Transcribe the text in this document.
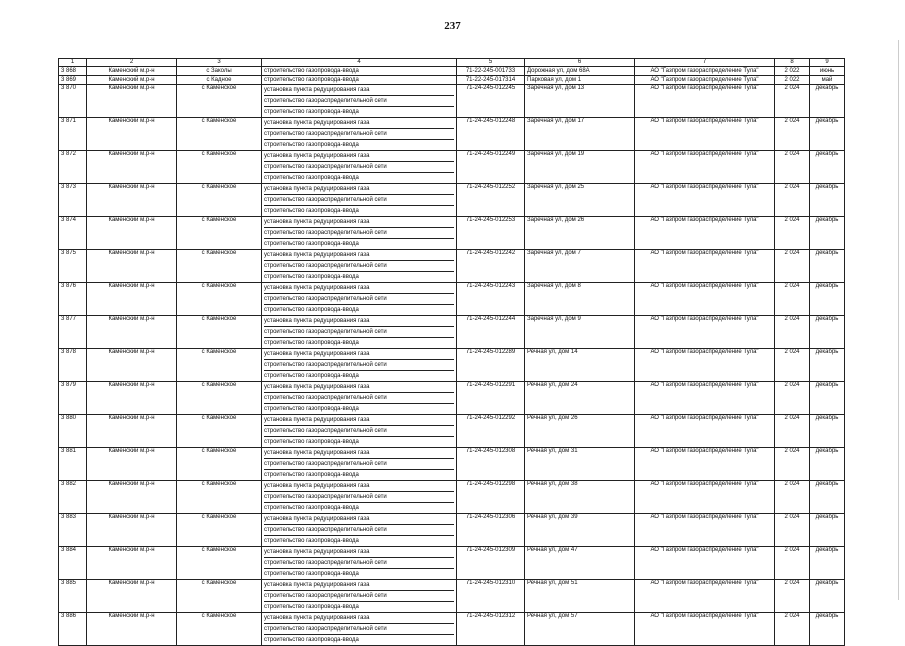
237
1	2	3	4	5	6	7	8	9
3 868	Каменский м.р-н	с Заколы	строительство газопровода-ввода	71-22-245-001733	Дорожная ул, дом 68А	АО "Газпром газораспределение Тула"	2 022	июнь
3 869	Каменский м.р-н	с Кадное	строительство газопровода-ввода	71-22-245-017314	Парковая ул, дом 1	АО "Газпром газораспределение Тула"	2 022	май
3 870	Каменский м.р-н	с Каменское	установка пункта редуцирования газа
строительство газораспределительной сети
строительство газопровода-ввода	71-24-245-012245	Заречная ул, дом 13	АО "Газпром газораспределение Тула"	2 024	декабрь
3 871	Каменский м.р-н	с Каменское	установка пункта редуцирования газа
строительство газораспределительной сети
строительство газопровода-ввода	71-24-245-012248	Заречная ул, дом 17	АО "Газпром газораспределение Тула"	2 024	декабрь
3 872	Каменский м.р-н	с Каменское	установка пункта редуцирования газа
строительство газораспределительной сети
строительство газопровода-ввода	71-24-245-012249	Заречная ул, дом 19	АО "Газпром газораспределение Тула"	2 024	декабрь
3 873	Каменский м.р-н	с Каменское	установка пункта редуцирования газа
строительство газораспределительной сети
строительство газопровода-ввода	71-24-245-012252	Заречная ул, дом 25	АО "Газпром газораспределение Тула"	2 024	декабрь
3 874	Каменский м.р-н	с Каменское	установка пункта редуцирования газа
строительство газораспределительной сети
строительство газопровода-ввода	71-24-245-012253	Заречная ул, дом 26	АО "Газпром газораспределение Тула"	2 024	декабрь
3 875	Каменский м.р-н	с Каменское	установка пункта редуцирования газа
строительство газораспределительной сети
строительство газопровода-ввода	71-24-245-012242	Заречная ул, дом 7	АО "Газпром газораспределение Тула"	2 024	декабрь
3 876	Каменский м.р-н	с Каменское	установка пункта редуцирования газа
строительство газораспределительной сети
строительство газопровода-ввода	71-24-245-012243	Заречная ул, дом 8	АО "Газпром газораспределение Тула"	2 024	декабрь
3 877	Каменский м.р-н	с Каменское	установка пункта редуцирования газа
строительство газораспределительной сети
строительство газопровода-ввода	71-24-245-012244	Заречная ул, дом 9	АО "Газпром газораспределение Тула"	2 024	декабрь
3 878	Каменский м.р-н	с Каменское	установка пункта редуцирования газа
строительство газораспределительной сети
строительство газопровода-ввода	71-24-245-012289	Речная ул, дом 14	АО "Газпром газораспределение Тула"	2 024	декабрь
3 879	Каменский м.р-н	с Каменское	установка пункта редуцирования газа
строительство газораспределительной сети
строительство газопровода-ввода	71-24-245-012291	Речная ул, дом 24	АО "Газпром газораспределение Тула"	2 024	декабрь
3 880	Каменский м.р-н	с Каменское	установка пункта редуцирования газа
строительство газораспределительной сети
строительство газопровода-ввода	71-24-245-012292	Речная ул, дом 26	АО "Газпром газораспределение Тула"	2 024	декабрь
3 881	Каменский м.р-н	с Каменское	установка пункта редуцирования газа
строительство газораспределительной сети
строительство газопровода-ввода	71-24-245-012308	Речная ул, дом 31	АО "Газпром газораспределение Тула"	2 024	декабрь
3 882	Каменский м.р-н	с Каменское	установка пункта редуцирования газа
строительство газораспределительной сети
строительство газопровода-ввода	71-24-245-012298	Речная ул, дом 38	АО "Газпром газораспределение Тула"	2 024	декабрь
3 883	Каменский м.р-н	с Каменское	установка пункта редуцирования газа
строительство газораспределительной сети
строительство газопровода-ввода	71-24-245-012306	Речная ул, дом 39	АО "Газпром газораспределение Тула"	2 024	декабрь
3 884	Каменский м.р-н	с Каменское	установка пункта редуцирования газа
строительство газораспределительной сети
строительство газопровода-ввода	71-24-245-012309	Речная ул, дом 47	АО "Газпром газораспределение Тула"	2 024	декабрь
3 885	Каменский м.р-н	с Каменское	установка пункта редуцирования газа
строительство газораспределительной сети
строительство газопровода-ввода	71-24-245-012310	Речная ул, дом 51	АО "Газпром газораспределение Тула"	2 024	декабрь
3 886	Каменский м.р-н	с Каменское	установка пункта редуцирования газа
строительство газораспределительной сети
строительство газопровода-ввода	71-24-245-012312	Речная ул, дом 57	АО "Газпром газораспределение Тула"	2 024	декабрь
